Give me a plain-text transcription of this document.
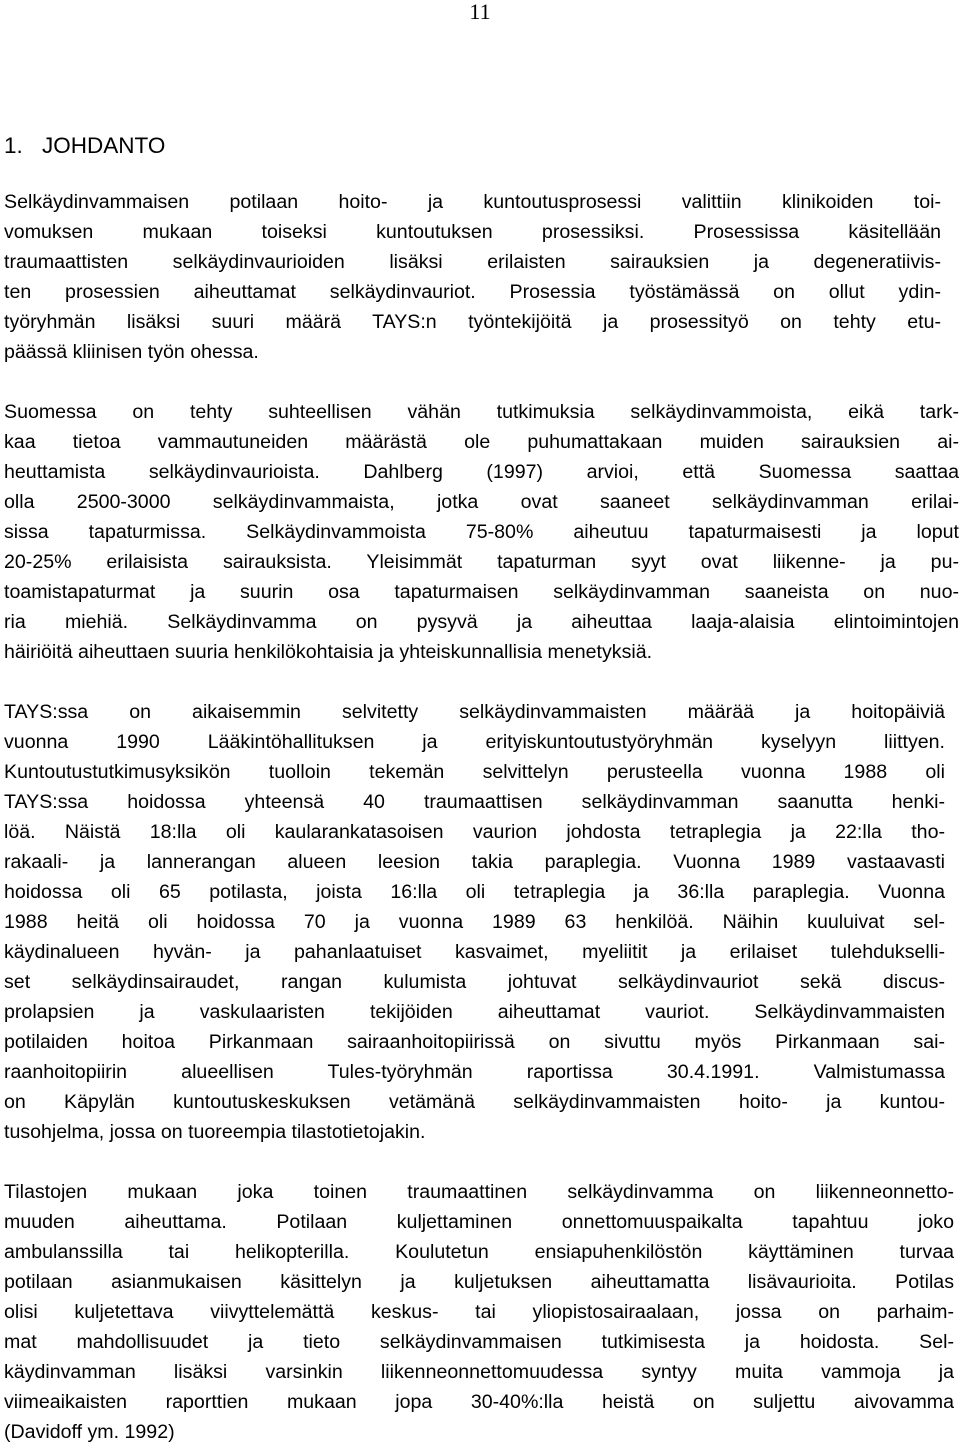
11
1. JOHDANTO
Selkäydinvammaisen potilaan hoito- ja kuntoutusprosessi valittiin klinikoiden toi-
vomuksen mukaan toiseksi kuntoutuksen prosessiksi. Prosessissa käsitellään
traumaattisten selkäydinvaurioiden lisäksi erilaisten sairauksien ja degeneratiivis-
ten prosessien aiheuttamat selkäydinvauriot. Prosessia työstämässä on ollut ydin-
työryhmän lisäksi suuri määrä TAYS:n työntekijöitä ja prosessityö on tehty etu-
päässä kliinisen työn ohessa.
Suomessa on tehty suhteellisen vähän tutkimuksia selkäydinvammoista, eikä tark-
kaa tietoa vammautuneiden määrästä ole puhumattakaan muiden sairauksien ai-
heuttamista selkäydinvaurioista. Dahlberg (1997) arvioi, että Suomessa saattaa
olla 2500-3000 selkäydinvammaista, jotka ovat saaneet selkäydinvamman erilai-
sissa tapaturmissa. Selkäydinvammoista 75-80% aiheutuu tapaturmaisesti ja loput
20-25% erilaisista sairauksista. Yleisimmät tapaturman syyt ovat liikenne- ja pu-
toamistapaturmat ja suurin osa tapaturmaisen selkäydinvamman saaneista on nuo-
ria miehiä. Selkäydinvamma on pysyvä ja aiheuttaa laaja-alaisia elintoimintojen
häiriöitä aiheuttaen suuria henkilökohtaisia ja yhteiskunnallisia menetyksiä.
TAYS:ssa on aikaisemmin selvitetty selkäydinvammaisten määrää ja hoitopäiviä
vuonna 1990 Lääkintöhallituksen ja erityiskuntoutustyöryhmän kyselyyn liittyen.
Kuntoutustutkimusyksikön tuolloin tekemän selvittelyn perusteella vuonna 1988 oli
TAYS:ssa hoidossa yhteensä 40 traumaattisen selkäydinvamman saanutta henki-
löä. Näistä 18:lla oli kaularankatasoisen vaurion johdosta tetraplegia ja 22:lla tho-
rakaali- ja lannerangan alueen leesion takia paraplegia. Vuonna 1989 vastaavasti
hoidossa oli 65 potilasta, joista 16:lla oli tetraplegia ja 36:lla paraplegia. Vuonna
1988 heitä oli hoidossa 70 ja vuonna 1989 63 henkilöä. Näihin kuuluivat sel-
käydinalueen hyvän- ja pahanlaatuiset kasvaimet, myeliitit ja erilaiset tulehdukselli-
set selkäydinsairaudet, rangan kulumista johtuvat selkäydinvauriot sekä discus-
prolapsien ja vaskulaaristen tekijöiden aiheuttamat vauriot. Selkäydinvammaisten
potilaiden hoitoa Pirkanmaan sairaanhoitopiirissä on sivuttu myös Pirkanmaan sai-
raanhoitopiirin alueellisen Tules-työryhmän raportissa 30.4.1991. Valmistumassa
on Käpylän kuntoutuskeskuksen vetämänä selkäydinvammaisten hoito- ja kuntou-
tusohjelma, jossa on tuoreempia tilastotietojakin.
Tilastojen mukaan joka toinen traumaattinen selkäydinvamma on liikenneonnetto-
muuden aiheuttama. Potilaan kuljettaminen onnettomuuspaikalta tapahtuu joko
ambulanssilla tai helikopterilla. Koulutetun ensiapuhenkilöstön käyttäminen turvaa
potilaan asianmukaisen käsittelyn ja kuljetuksen aiheuttamatta lisävaurioita. Potilas
olisi kuljetettava viivyttelemättä keskus- tai yliopistosairaalaan, jossa on parhaim-
mat mahdollisuudet ja tieto selkäydinvammaisen tutkimisesta ja hoidosta. Sel-
käydinvamman lisäksi varsinkin liikenneonnettomuudessa syntyy muita vammoja ja
viimeaikaisten raporttien mukaan jopa 30-40%:lla heistä on suljettu aivovamma
(Davidoff ym. 1992)
